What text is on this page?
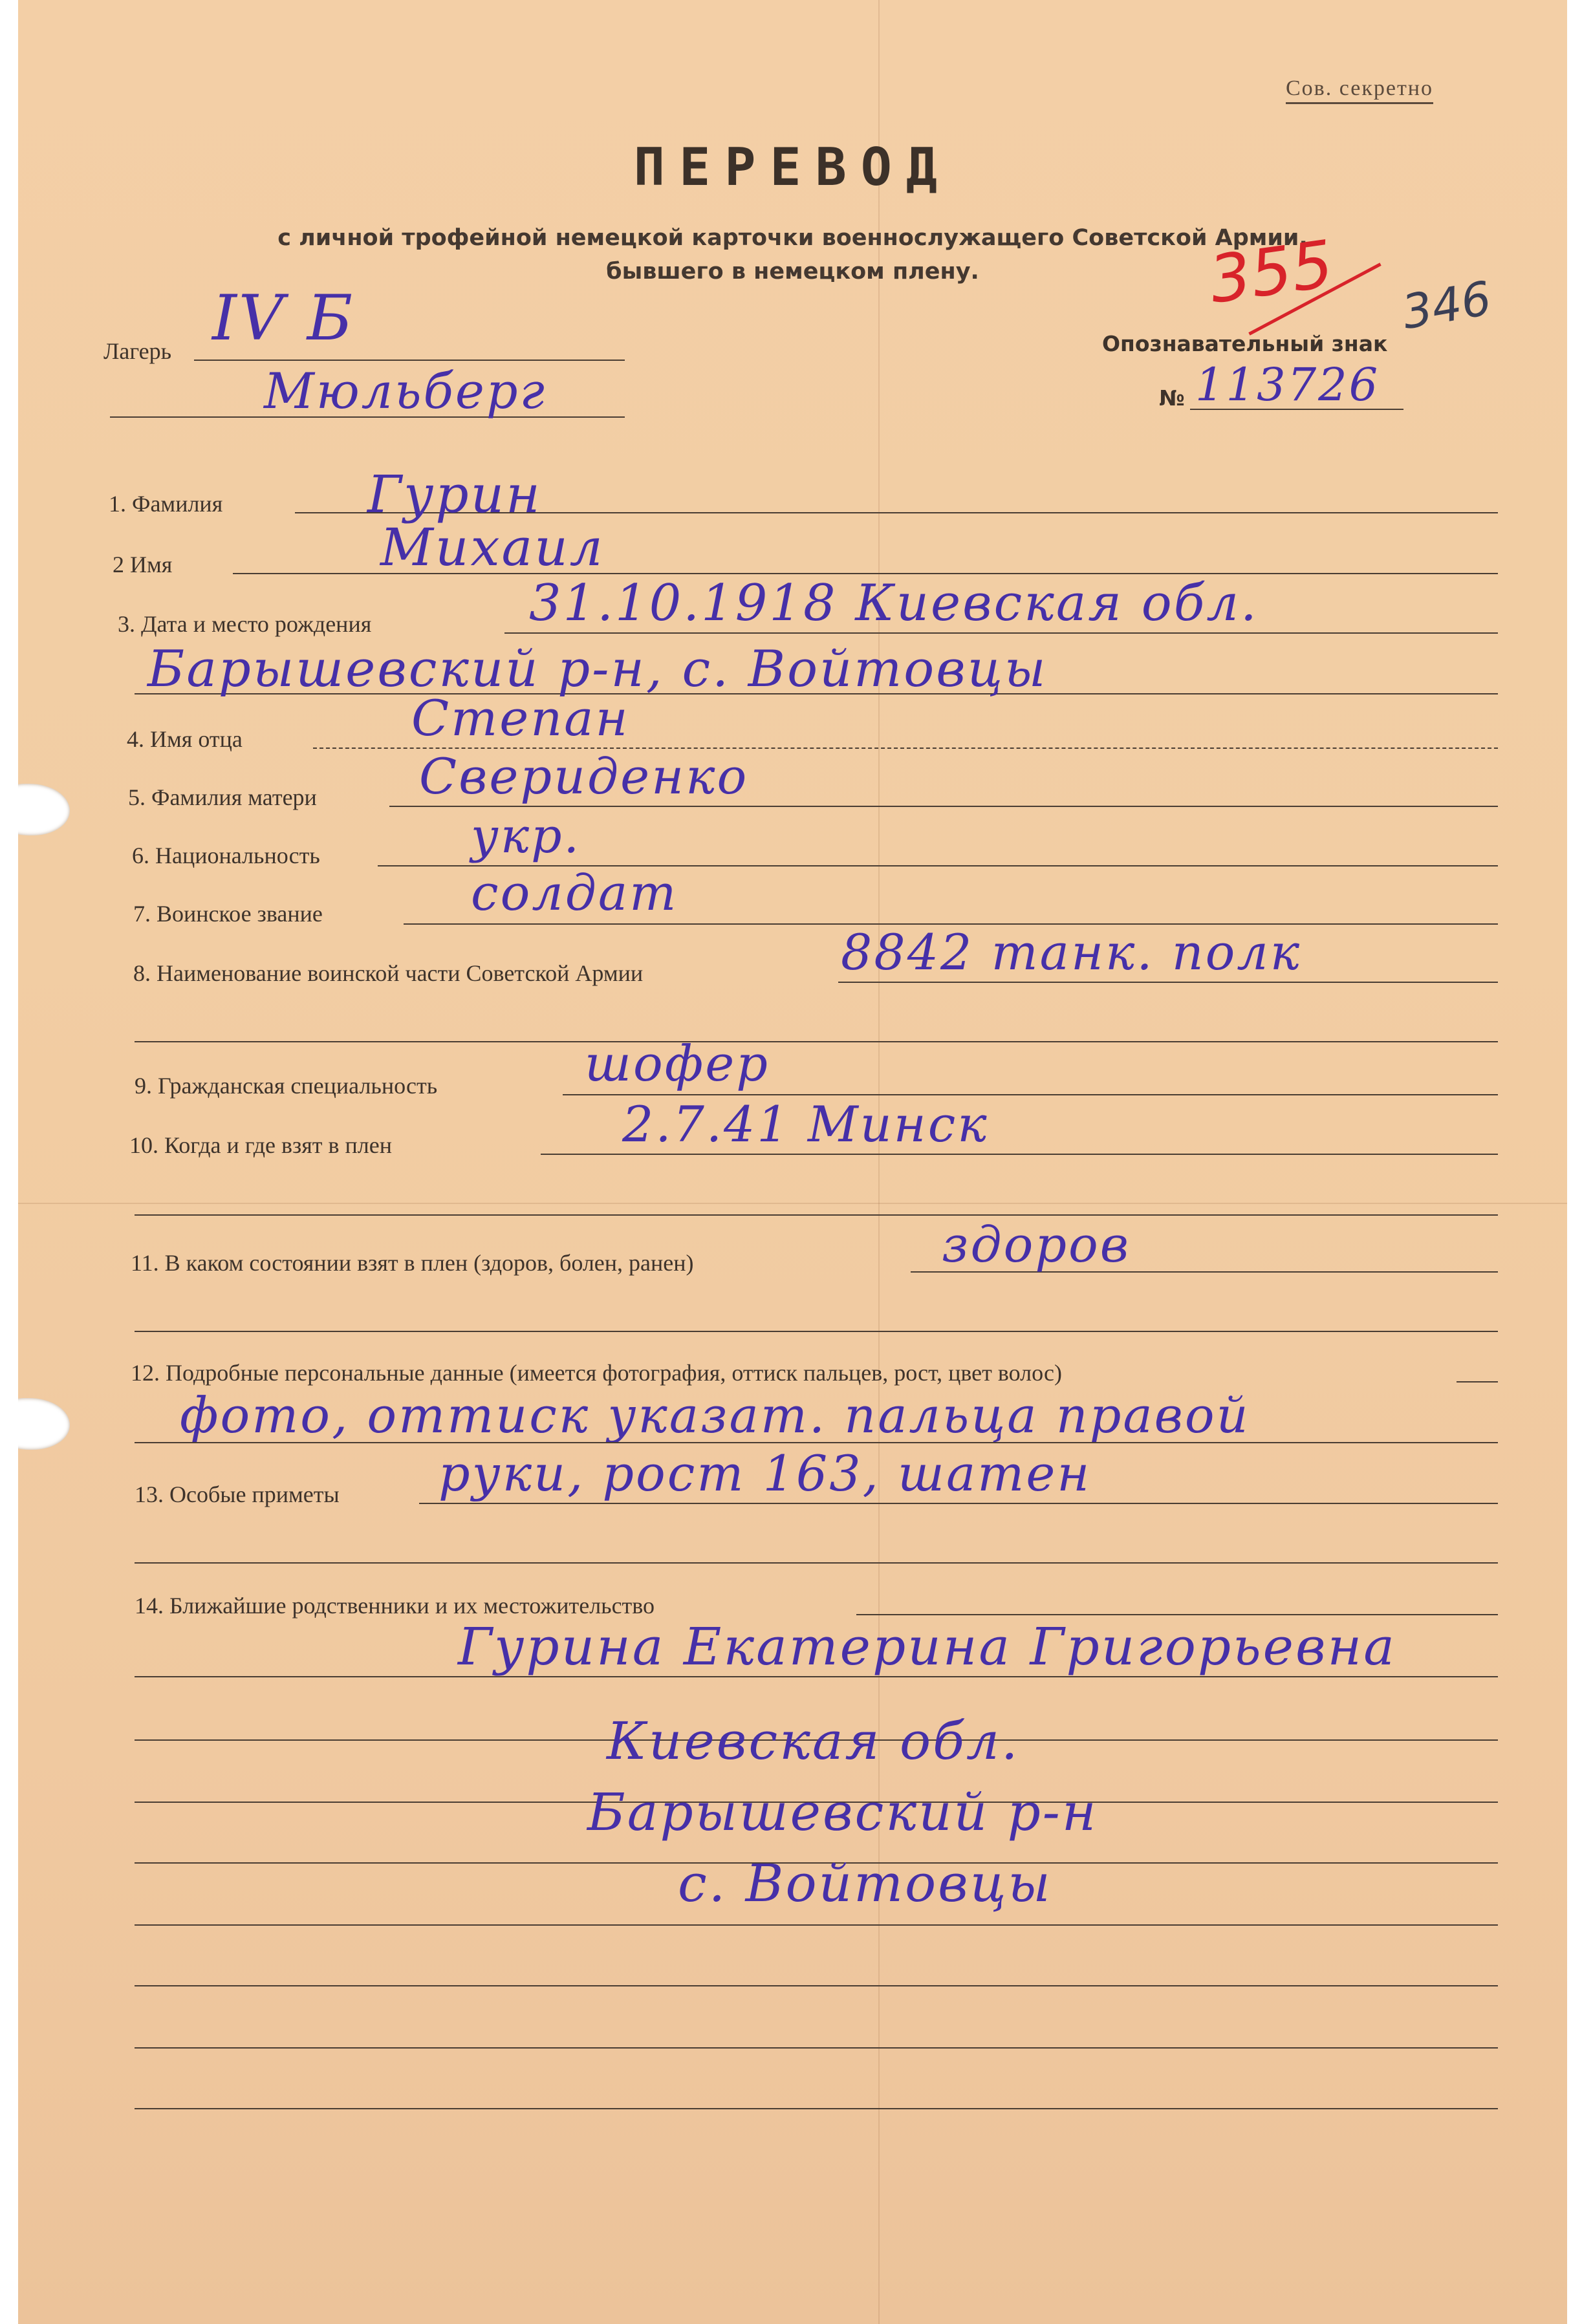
Сов. секретно
ПЕРЕВОД
с личной трофейной немецкой карточки военнослужащего Советской Армии,
бывшего в немецком плену.	355 346
Лагерь IV Б
Мюльберг
Опознавательный знак
№ 113726
1. Фамилия	Гурин
2 Имя	Михаил
3. Дата и место рождения	31.10.1918 Киевская обл.
Барышевский р-н, с. Войтовцы
4. Имя отца	Степан
5. Фамилия матери Свериденко
6. Национальность	укр.
7. Воинское звание	солдат
8. Наименование воинской части Советской Армии	8842 танк. полк
9. Гражданская специальность	шофер
10. Когда и где взят в плен	2.7.41 Минск
11. В каком состоянии взят в плен (здоров, болен, ранен)	здоров
12. Подробные персональные данные (имеется фотография, оттиск пальцев, рост, цвет волос)
фото, оттиск указат. пальца правой
13. Особые приметы руки, рост 163, шатен
14. Ближайшие родственники и их местожительство
Гурина Екатерина Григорьевна
Киевская обл.
Барышевский р-н
с. Войтовцы
